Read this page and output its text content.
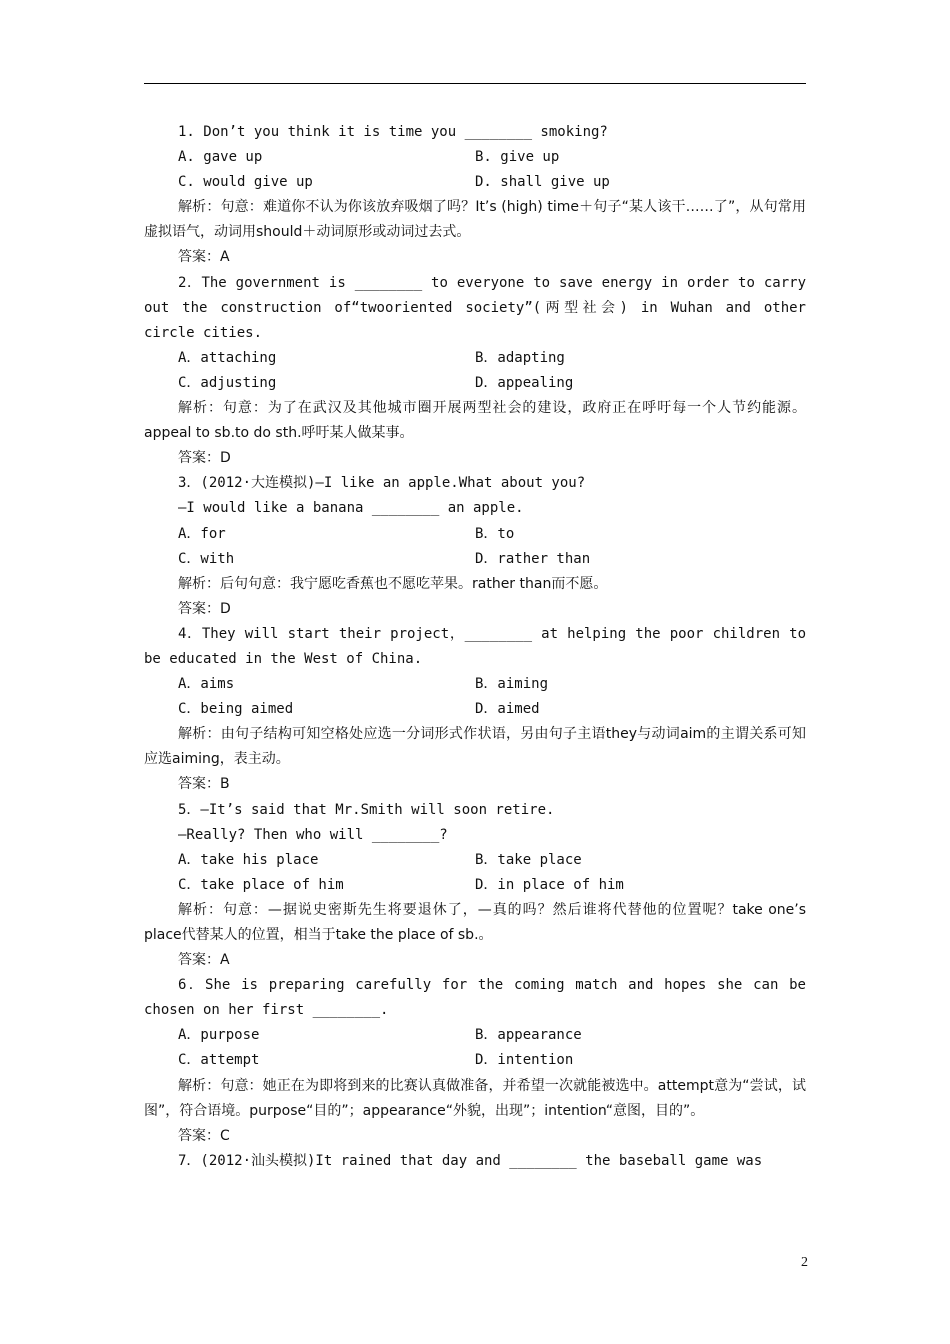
1. Don’t you think it is time you ________ smoking?

A. gave up	B. give up
C. would give up	D. shall give up

解析：句意：难道你不认为你该放弃吸烟了吗？It’s (high) time＋句子“某人该干……了”，从句常用虚拟语气，动词用should＋动词原形或动词过去式。

答案：A

2．The government is ________ to everyone to save energy in order to carry out the construction of“twooriented society”(两型社会) in Wuhan and other circle cities.

A．attaching	B．adapting
C．adjusting	D．appealing

解析：句意：为了在武汉及其他城市圈开展两型社会的建设，政府正在呼吁每一个人节约能源。appeal to sb.to do sth.呼吁某人做某事。

答案：D

3．(2012·大连模拟)—I like an apple.What about you?

—I would like a banana ________ an apple.

A．for	B．to
C．with	D．rather than

解析：后句句意：我宁愿吃香蕉也不愿吃苹果。rather than而不愿。

答案：D

4．They will start their project，________ at helping the poor children to be educated in the West of China.

A．aims	B．aiming
C．being aimed	D．aimed

解析：由句子结构可知空格处应选一分词形式作状语，另由句子主语they与动词aim的主谓关系可知应选aiming，表主动。

答案：B

5．—It’s said that Mr.Smith will soon retire.

—Really? Then who will ________?

A．take his place	B．take place
C．take place of him	D．in place of him

解析：句意：—据说史密斯先生将要退休了，—真的吗？然后谁将代替他的位置呢？take one’s place代替某人的位置，相当于take the place of sb.。

答案：A

6．She is preparing carefully for the coming match and hopes she can be chosen on her first ________.

A．purpose	B．appearance
C．attempt	D．intention

解析：句意：她正在为即将到来的比赛认真做准备，并希望一次就能被选中。attempt意为“尝试，试图”，符合语境。purpose“目的”；appearance“外貌，出现”；intention“意图，目的”。

答案：C

7．(2012·汕头模拟)It rained that day and ________ the baseball game was

2
